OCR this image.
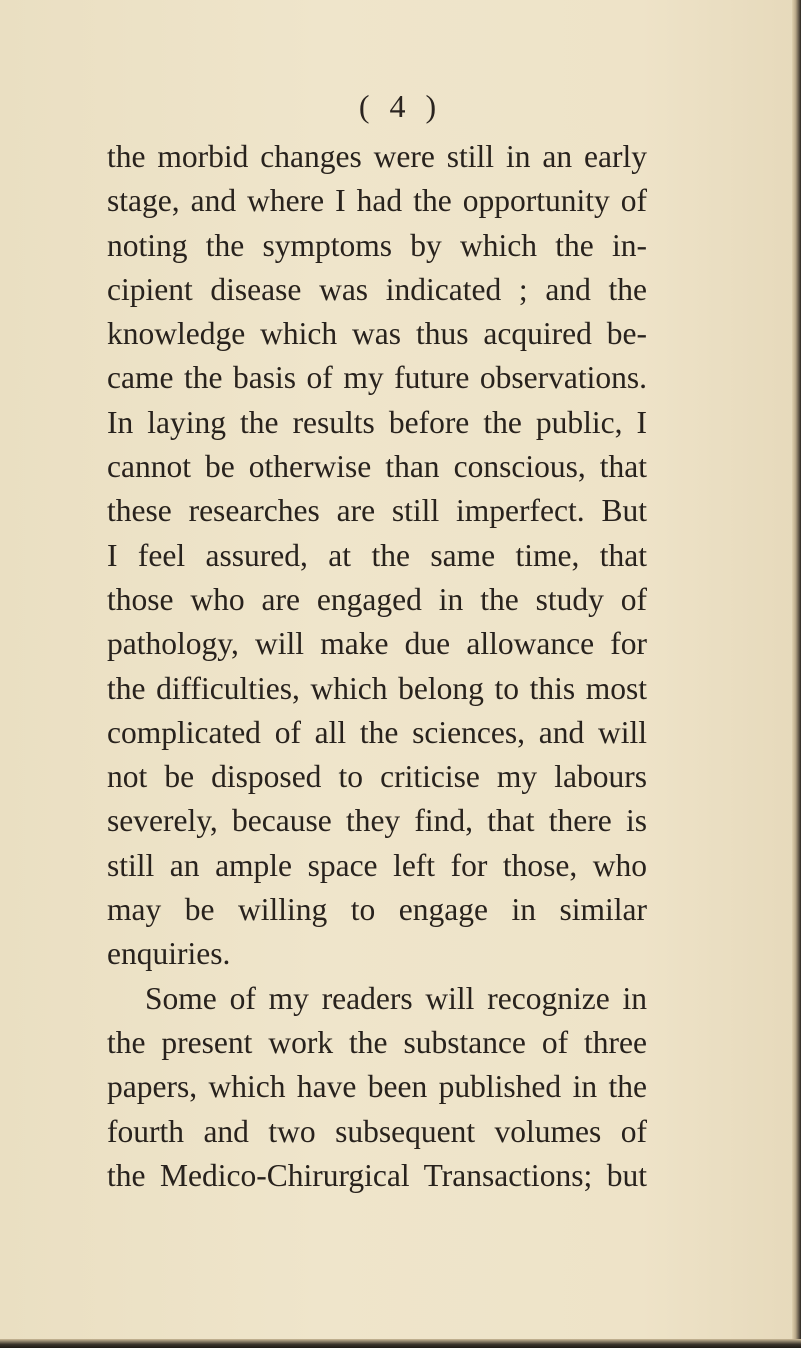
( 4 )
the morbid changes were still in an early
stage, and where I had the opportunity of
noting the symptoms by which the in-
cipient disease was indicated ; and the
knowledge which was thus acquired be-
came the basis of my future observations.
In laying the results before the public, I
cannot be otherwise than conscious, that
these researches are still imperfect. But
I feel assured, at the same time, that
those who are engaged in the study of
pathology, will make due allowance for
the difficulties, which belong to this most
complicated of all the sciences, and will
not be disposed to criticise my labours
severely, because they find, that there is
still an ample space left for those, who
may be willing to engage in similar
enquiries.
Some of my readers will recognize in
the present work the substance of three
papers, which have been published in the
fourth and two subsequent volumes of
the Medico-Chirurgical Transactions; but
